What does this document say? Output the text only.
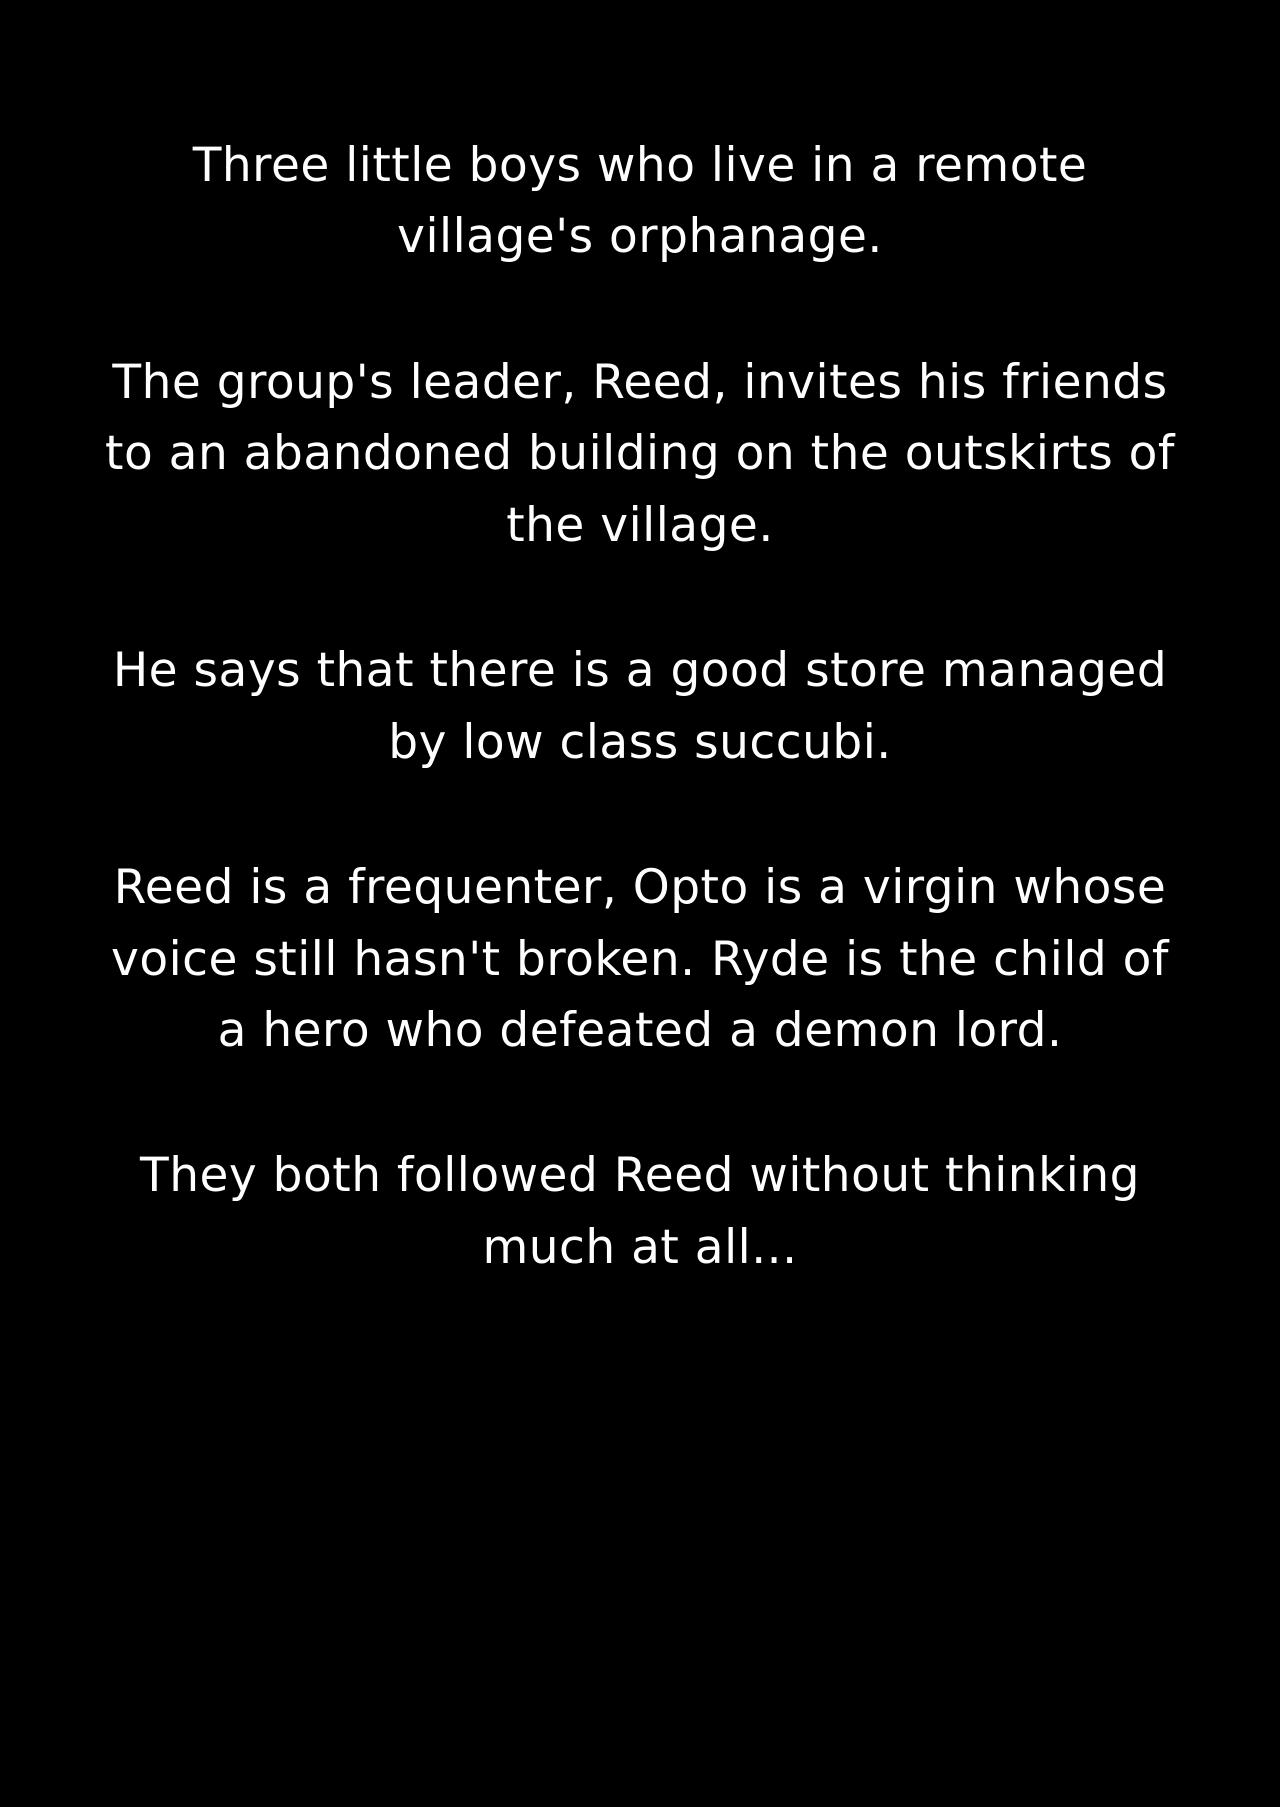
Three little boys who live in a remote village's orphanage.

The group's leader, Reed, invites his friends to an abandoned building on the outskirts of the village.

He says that there is a good store managed by low class succubi.

Reed is a frequenter, Opto is a virgin whose voice still hasn't broken. Ryde is the child of a hero who defeated a demon lord.

They both followed Reed without thinking much at all...
